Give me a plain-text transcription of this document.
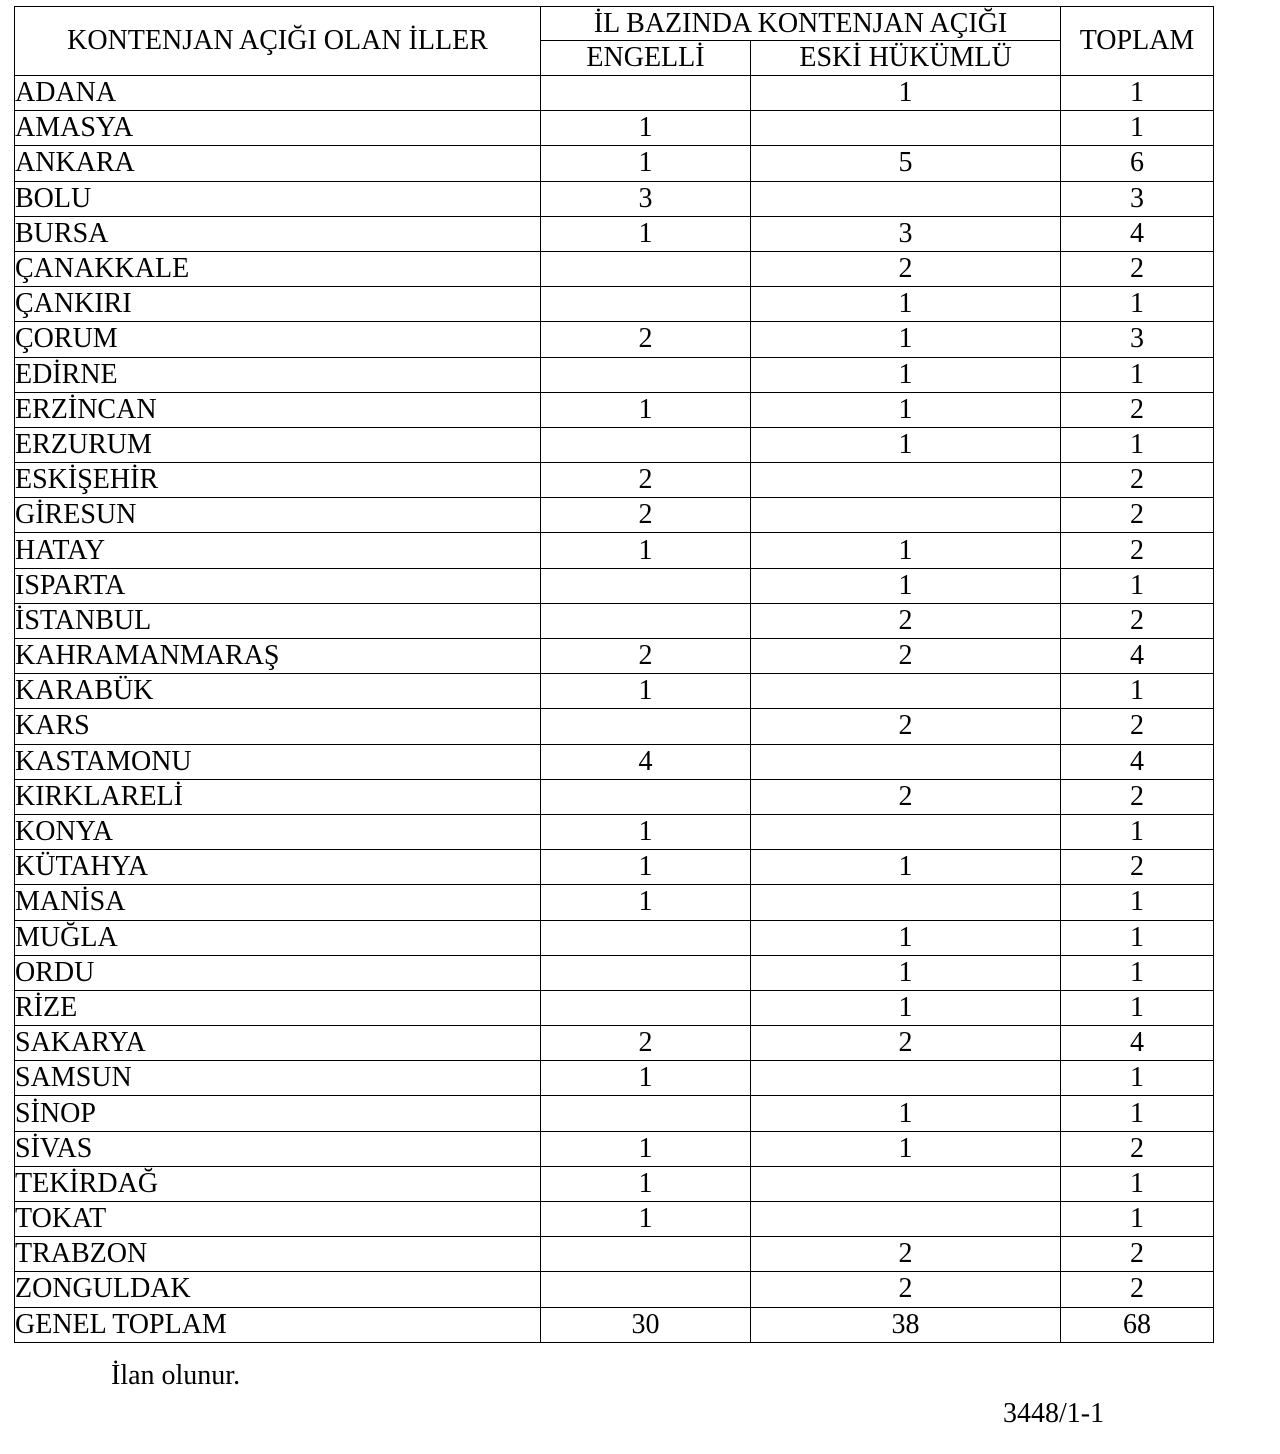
KONTENJAN AÇIĞI OLAN İLLER	İL BAZINDA KONTENJAN AÇIĞI		TOPLAM
	ENGELLİ	ESKİ HÜKÜMLÜ	
ADANA		1	1
AMASYA	1		1
ANKARA	1	5	6
BOLU	3		3
BURSA	1	3	4
ÇANAKKALE		2	2
ÇANKIRI		1	1
ÇORUM	2	1	3
EDİRNE		1	1
ERZİNCAN	1	1	2
ERZURUM		1	1
ESKİŞEHİR	2		2
GİRESUN	2		2
HATAY	1	1	2
ISPARTA		1	1
İSTANBUL		2	2
KAHRAMANMARAŞ	2	2	4
KARABÜK	1		1
KARS		2	2
KASTAMONU	4		4
KIRKLARELİ		2	2
KONYA	1		1
KÜTAHYA	1	1	2
MANİSA	1		1
MUĞLA		1	1
ORDU		1	1
RİZE		1	1
SAKARYA	2	2	4
SAMSUN	1		1
SİNOP		1	1
SİVAS	1	1	2
TEKİRDAĞ	1		1
TOKAT	1		1
TRABZON		2	2
ZONGULDAK		2	2
GENEL TOPLAM	30	38	68

İlan olunur.

3448/1-1
